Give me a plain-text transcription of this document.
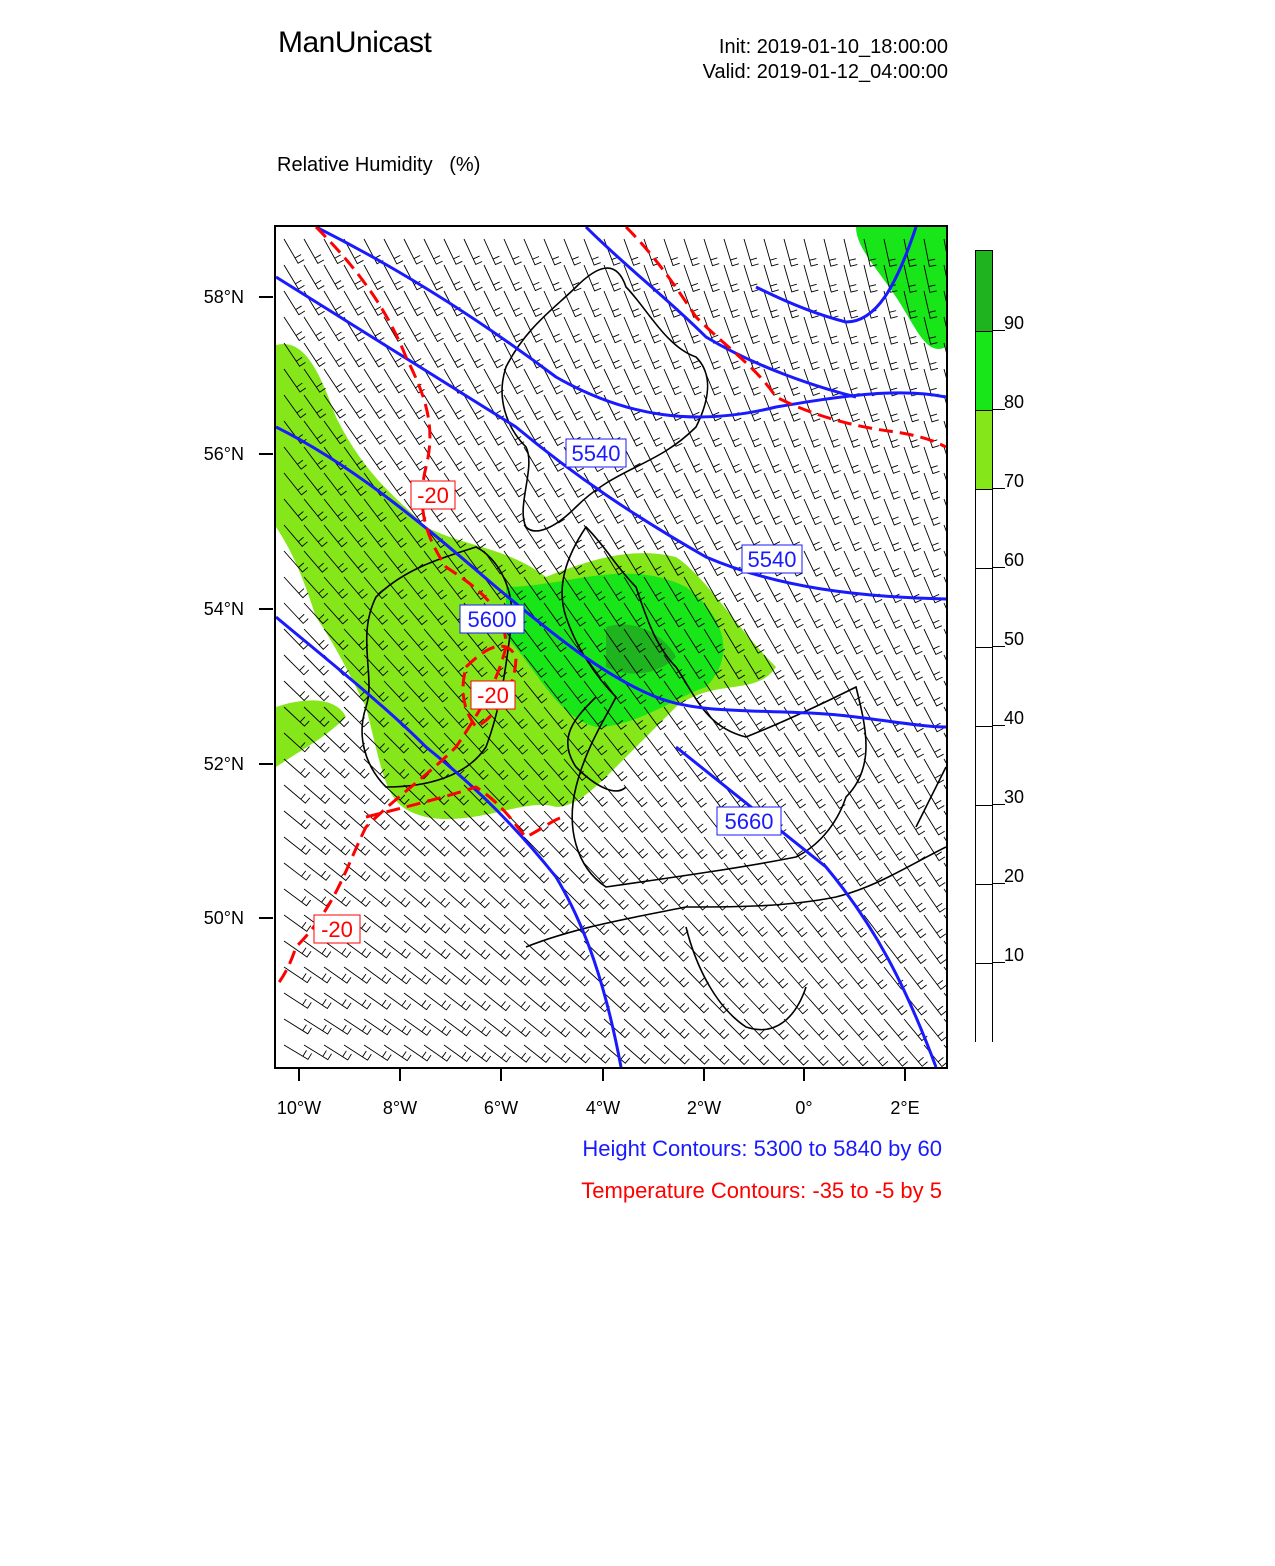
ManUnicast	Init: 2019-01-10_18:00:00
Valid: 2019-01-12_04:00:00

Relative Humidity   (%)

5540
5540
5600
5660
-20
-20
-20
58°N
56°N
54°N
52°N
50°N
10°W	8°W	6°W	4°W	2°W	0°	2°E
90
80
70
60
50
40
30
20
10
Height Contours: 5300 to 5840 by 60
Temperature Contours: -35 to -5 by 5
